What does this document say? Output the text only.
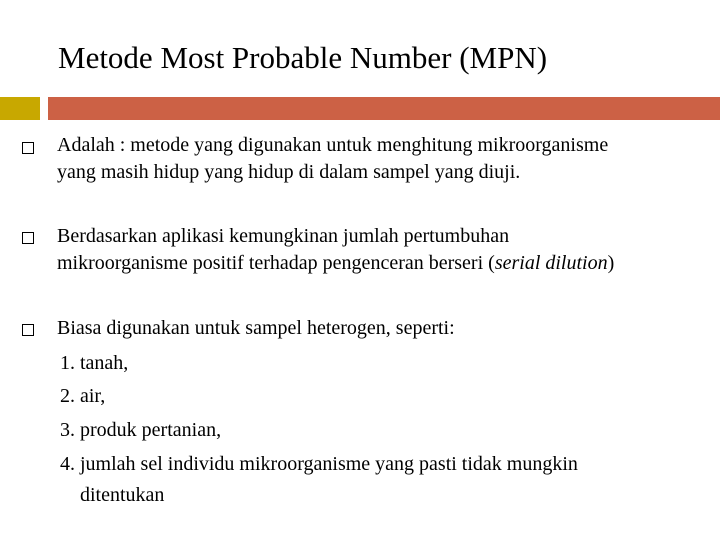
Metode Most Probable Number (MPN)
Adalah : metode yang digunakan untuk menghitung mikroorganisme
yang masih hidup yang hidup di dalam sampel yang diuji.
Berdasarkan aplikasi kemungkinan jumlah pertumbuhan
mikroorganisme positif terhadap pengenceran berseri (serial dilution)
Biasa digunakan untuk sampel heterogen, seperti:
1. tanah,
2. air,
3. produk pertanian,
4. jumlah sel individu mikroorganisme yang pasti tidak mungkin
ditentukan
